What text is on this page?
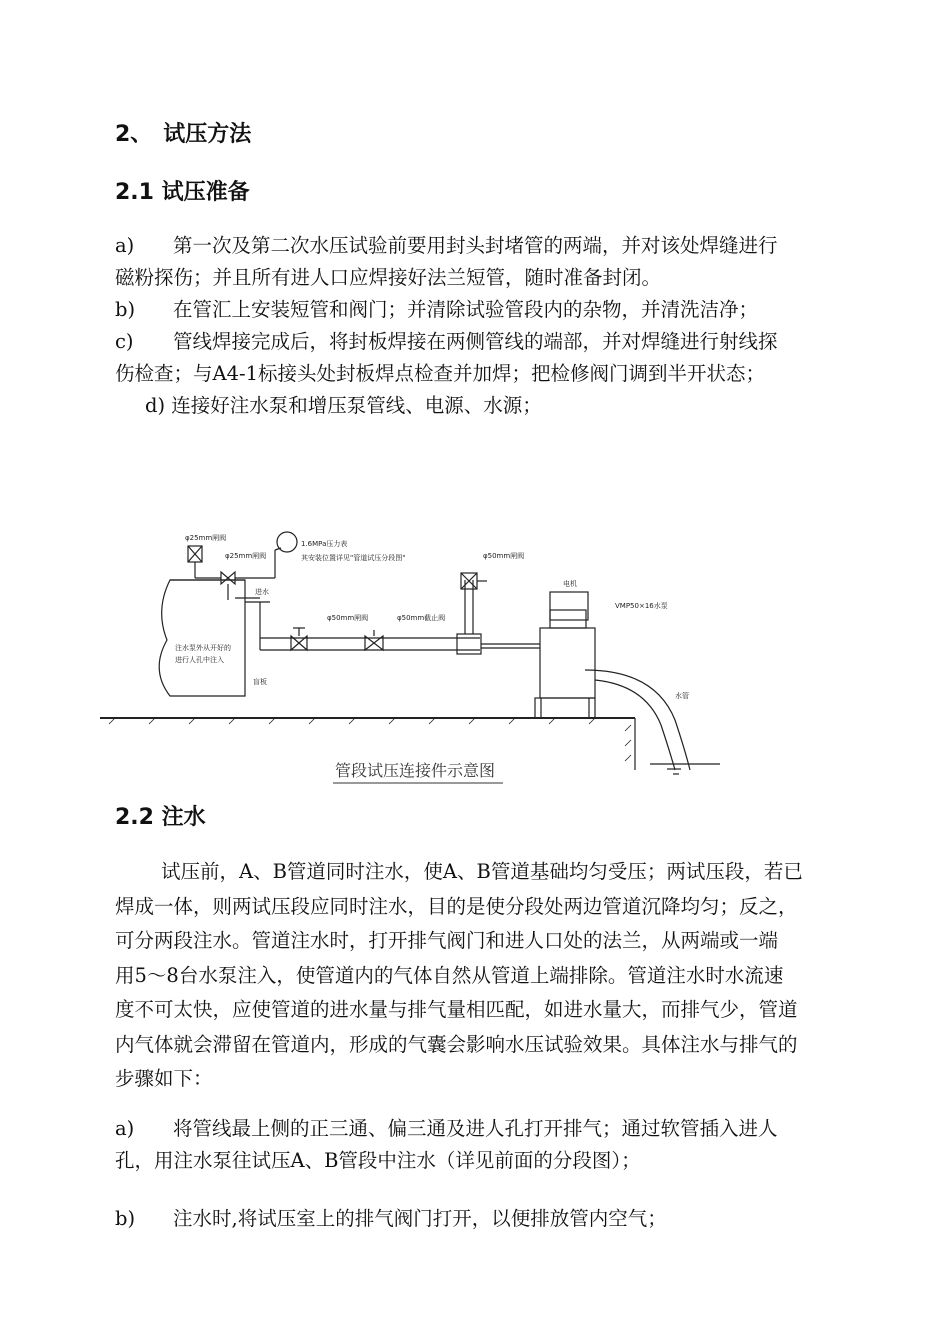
2、　试压方法
2.1 试压准备
a) 第一次及第二次水压试验前要用封头封堵管的两端，并对该处焊缝进行
磁粉探伤；并且所有进人口应焊接好法兰短管，随时准备封闭。
b) 在管汇上安装短管和阀门；并清除试验管段内的杂物，并清洗洁净；
c) 管线焊接完成后，将封板焊接在两侧管线的端部，并对焊缝进行射线探
伤检查；与A4-1标接头处封板焊点检查并加焊；把检修阀门调到半开状态；
d) 连接好注水泵和增压泵管线、电源、水源；
φ25mm闸阀
φ25mm闸阀
1.6MPa压力表
其安装位置详见"管道试压分段图"
进水
φ50mm闸阀	φ50mm截止阀
φ50mm闸阀
电机
VMP50×16水泵
水管
注水泵外从开好的
进行人孔中注入
盲板
管段试压连接件示意图
2.2 注水
试压前，A、B管道同时注水，使A、B管道基础均匀受压；两试压段，若已
焊成一体，则两试压段应同时注水，目的是使分段处两边管道沉降均匀；反之，
可分两段注水。管道注水时，打开排气阀门和进人口处的法兰，从两端或一端
用5～8台水泵注入，使管道内的气体自然从管道上端排除。管道注水时水流速
度不可太快，应使管道的进水量与排气量相匹配，如进水量大，而排气少，管道
内气体就会滞留在管道内，形成的气囊会影响水压试验效果。具体注水与排气的
步骤如下：
a) 将管线最上侧的正三通、偏三通及进人孔打开排气；通过软管插入进人
孔，用注水泵往试压A、B管段中注水（详见前面的分段图）；
b) 注水时,将试压室上的排气阀门打开，以便排放管内空气；
